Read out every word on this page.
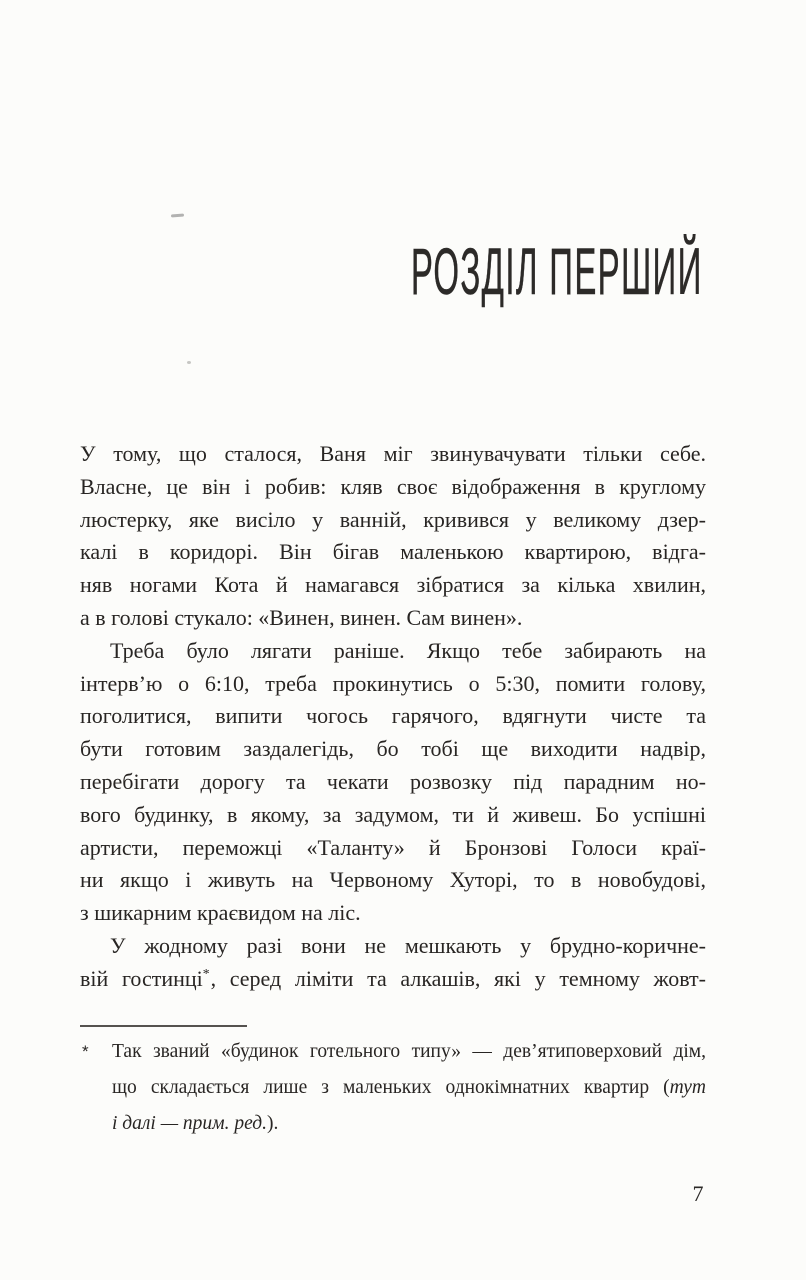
РОЗДІЛ ПЕРШИЙ
У тому, що сталося, Ваня міг звинувачувати тільки себе.
Власне, це він і робив: кляв своє відображення в круглому
люстерку, яке висіло у ванній, кривився у великому дзер-
калі в коридорі. Він бігав маленькою квартирою, відга-
няв ногами Кота й намагався зібратися за кілька хвилин,
а в голові стукало: «Винен, винен. Сам винен».
Треба було лягати раніше. Якщо тебе забирають на
інтерв’ю о 6:10, треба прокинутись о 5:30, помити голову,
поголитися, випити чогось гарячого, вдягнути чисте та
бути готовим заздалегідь, бо тобі ще виходити надвір,
перебігати дорогу та чекати розвозку під парадним но-
вого будинку, в якому, за задумом, ти й живеш. Бо успішні
артисти, переможці «Таланту» й Бронзові Голоси краї-
ни якщо і живуть на Червоному Хуторі, то в новобудові,
з шикарним краєвидом на ліс.
У жодному разі вони не мешкають у брудно-коричне-
вій гостинці*, серед ліміти та алкашів, які у темному жовт-
* Так званий «будинок готельного типу» — дев’ятиповерховий дім,
що складається лише з маленьких однокімнатних квартир (тут
і далі — прим. ред.).
7
